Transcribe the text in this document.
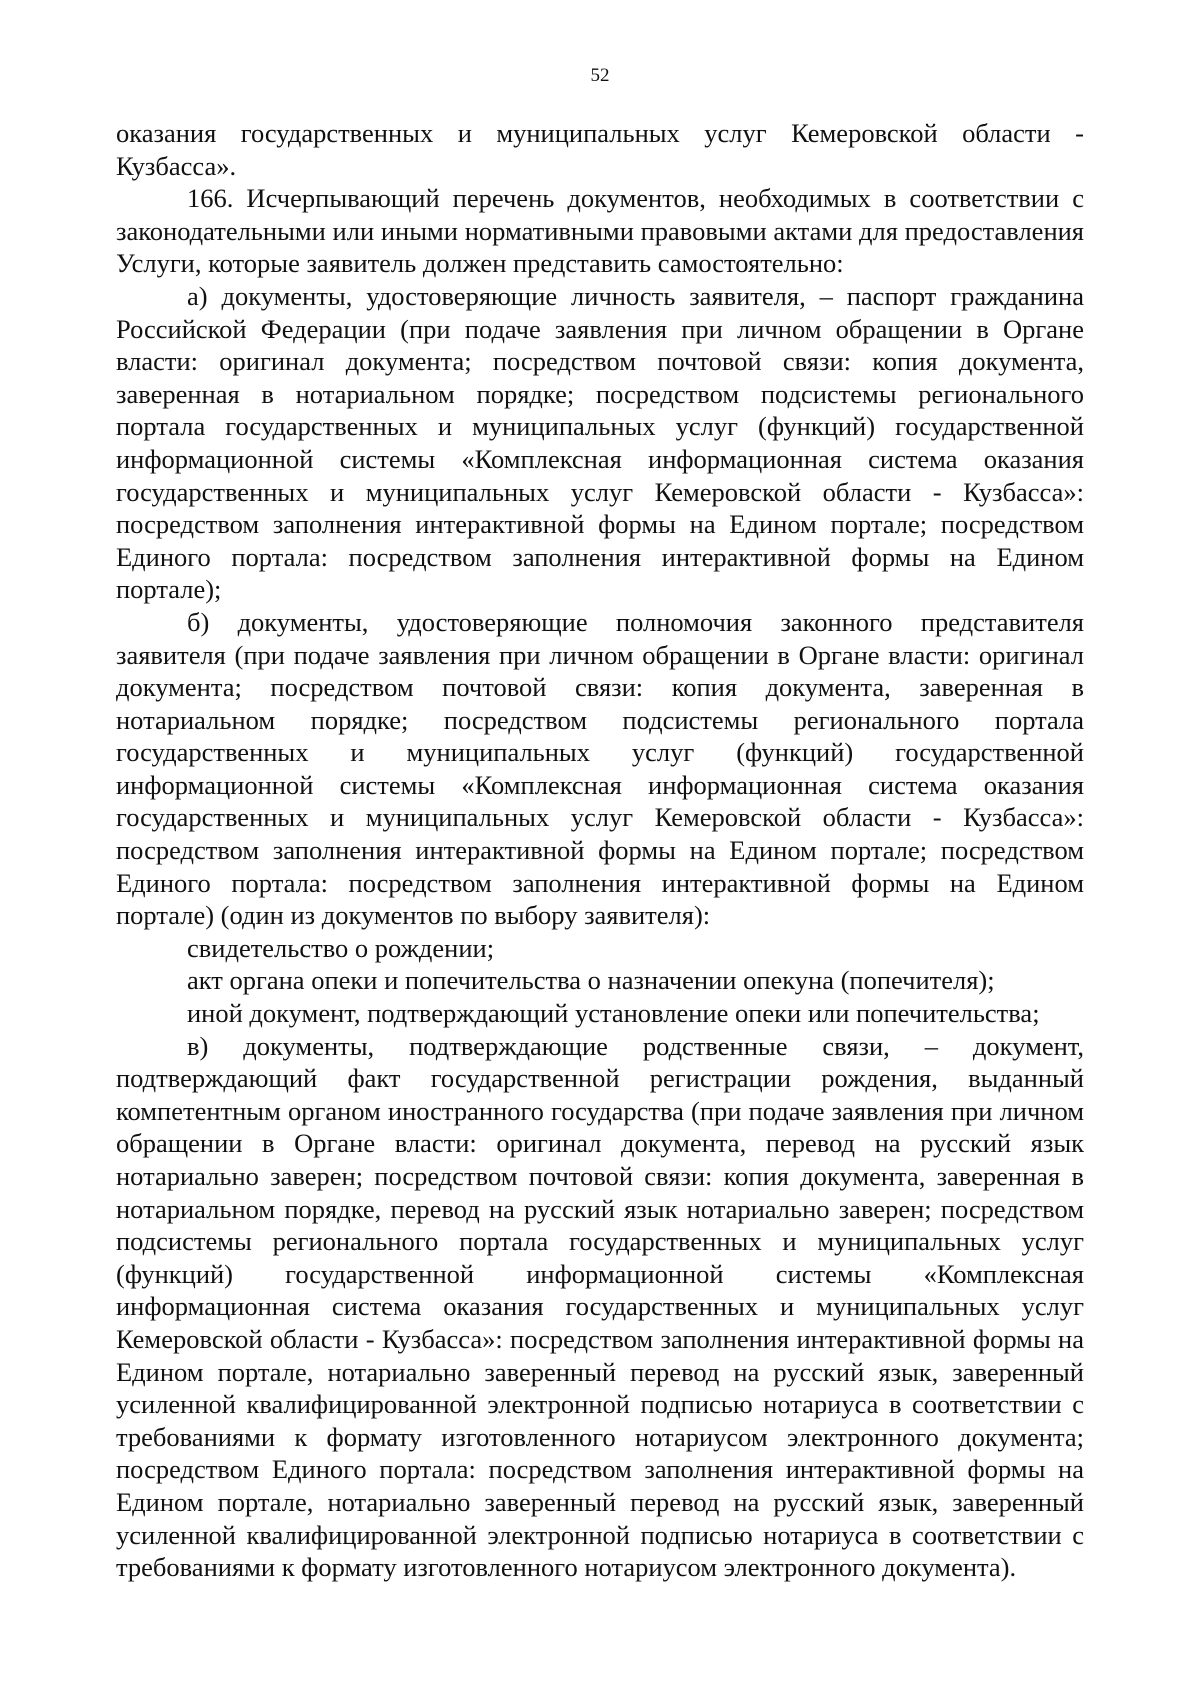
52

оказания государственных и муниципальных услуг Кемеровской области - Кузбасса».

166. Исчерпывающий перечень документов, необходимых в соответствии с законодательными или иными нормативными правовыми актами для предоставления Услуги, которые заявитель должен представить самостоятельно:

а) документы, удостоверяющие личность заявителя, – паспорт гражданина Российской Федерации (при подаче заявления при личном обращении в Органе власти: оригинал документа; посредством почтовой связи: копия документа, заверенная в нотариальном порядке; посредством подсистемы регионального портала государственных и муниципальных услуг (функций) государственной информационной системы «Комплексная информационная система оказания государственных и муниципальных услуг Кемеровской области - Кузбасса»: посредством заполнения интерактивной формы на Едином портале; посредством Единого портала: посредством заполнения интерактивной формы на Едином портале);

б) документы, удостоверяющие полномочия законного представителя заявителя (при подаче заявления при личном обращении в Органе власти: оригинал документа; посредством почтовой связи: копия документа, заверенная в нотариальном порядке; посредством подсистемы регионального портала государственных и муниципальных услуг (функций) государственной информационной системы «Комплексная информационная система оказания государственных и муниципальных услуг Кемеровской области - Кузбасса»: посредством заполнения интерактивной формы на Едином портале; посредством Единого портала: посредством заполнения интерактивной формы на Едином портале) (один из документов по выбору заявителя):

свидетельство о рождении;

акт органа опеки и попечительства о назначении опекуна (попечителя);

иной документ, подтверждающий установление опеки или попечительства;

в) документы, подтверждающие родственные связи, – документ, подтверждающий факт государственной регистрации рождения, выданный компетентным органом иностранного государства (при подаче заявления при личном обращении в Органе власти: оригинал документа, перевод на русский язык нотариально заверен; посредством почтовой связи: копия документа, заверенная в нотариальном порядке, перевод на русский язык нотариально заверен; посредством подсистемы регионального портала государственных и муниципальных услуг (функций) государственной информационной системы «Комплексная информационная система оказания государственных и муниципальных услуг Кемеровской области - Кузбасса»: посредством заполнения интерактивной формы на Едином портале, нотариально заверенный перевод на русский язык, заверенный усиленной квалифицированной электронной подписью нотариуса в соответствии с требованиями к формату изготовленного нотариусом электронного документа; посредством Единого портала: посредством заполнения интерактивной формы на Едином портале, нотариально заверенный перевод на русский язык, заверенный усиленной квалифицированной электронной подписью нотариуса в соответствии с требованиями к формату изготовленного нотариусом электронного документа).
